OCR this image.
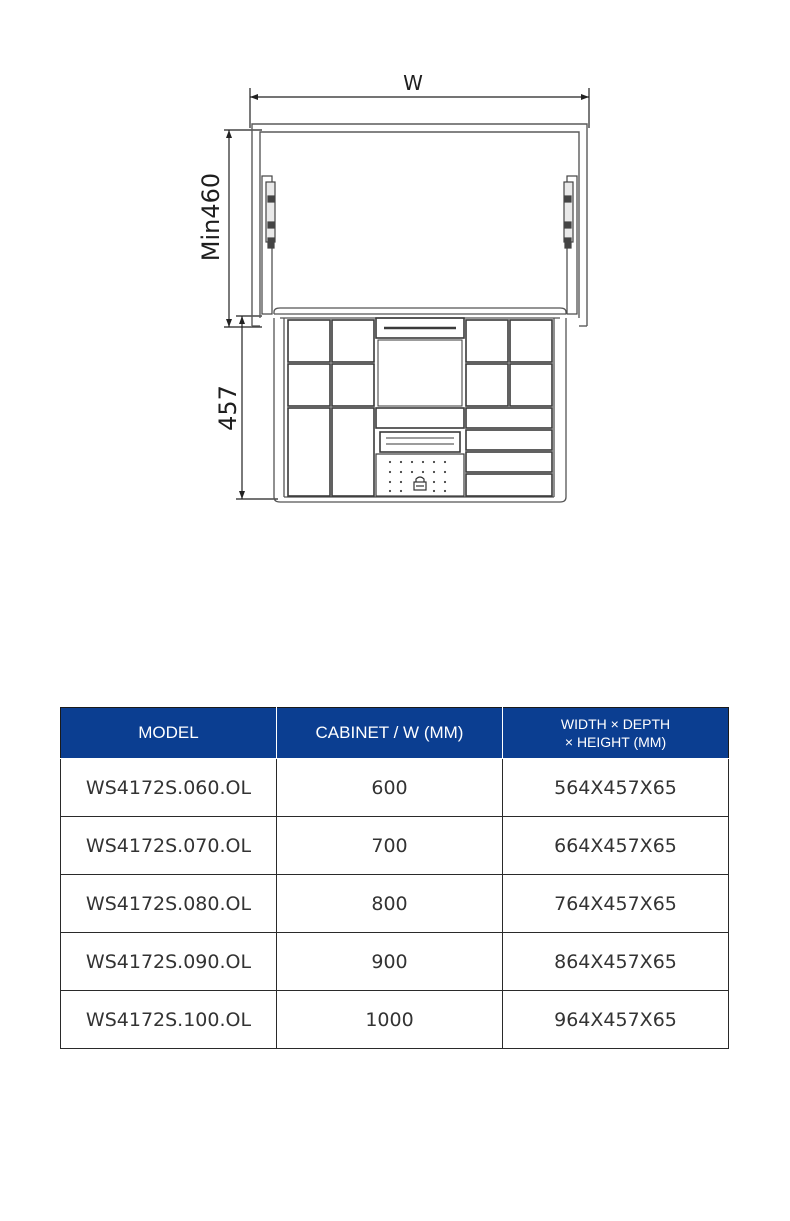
W
Min460
457
MODEL	CABINET / W (MM)	WIDTH × DEPTH
× HEIGHT (MM)

WS4172S.060.OL	600	564X457X65
WS4172S.070.OL	700	664X457X65
WS4172S.080.OL	800	764X457X65
WS4172S.090.OL	900	864X457X65
WS4172S.100.OL	1000	964X457X65
